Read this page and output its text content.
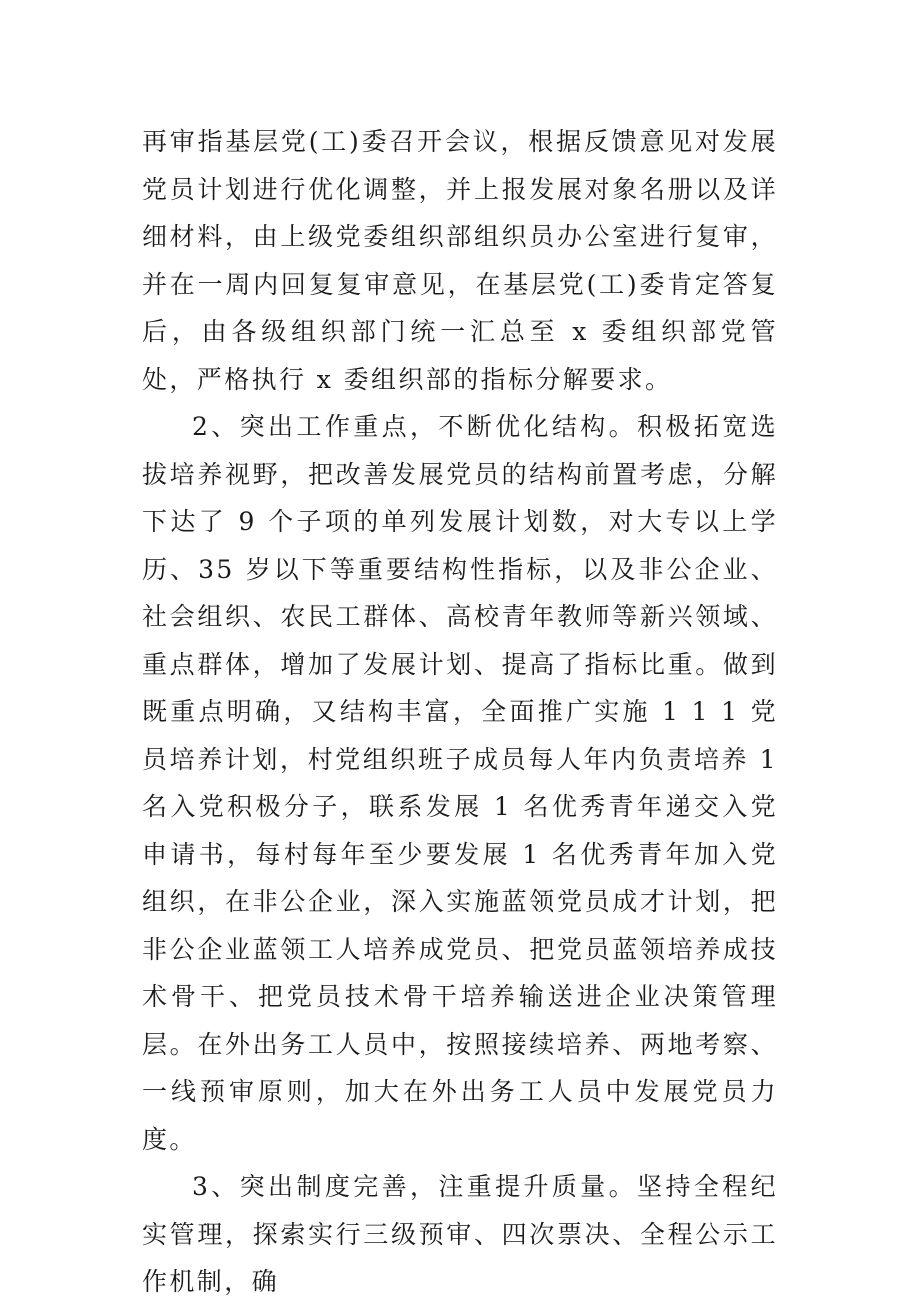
再审指基层党(工)委召开会议，根据反馈意见对发展党员计划进行优化调整，并上报发展对象名册以及详细材料，由上级党委组织部组织员办公室进行复审，并在一周内回复复审意见，在基层党(工)委肯定答复后，由各级组织部门统一汇总至 x 委组织部党管处，严格执行 x 委组织部的指标分解要求。

2、突出工作重点，不断优化结构。积极拓宽选拔培养视野，把改善发展党员的结构前置考虑，分解下达了 9 个子项的单列发展计划数，对大专以上学历、35 岁以下等重要结构性指标，以及非公企业、社会组织、农民工群体、高校青年教师等新兴领域、重点群体，增加了发展计划、提高了指标比重。做到既重点明确，又结构丰富，全面推广实施 1 1 1 党员培养计划，村党组织班子成员每人年内负责培养 1 名入党积极分子，联系发展 1 名优秀青年递交入党申请书，每村每年至少要发展 1 名优秀青年加入党组织，在非公企业，深入实施蓝领党员成才计划，把非公企业蓝领工人培养成党员、把党员蓝领培养成技术骨干、把党员技术骨干培养输送进企业决策管理层。在外出务工人员中，按照接续培养、两地考察、一线预审原则，加大在外出务工人员中发展党员力度。

3、突出制度完善，注重提升质量。坚持全程纪实管理，探索实行三级预审、四次票决、全程公示工作机制，确
